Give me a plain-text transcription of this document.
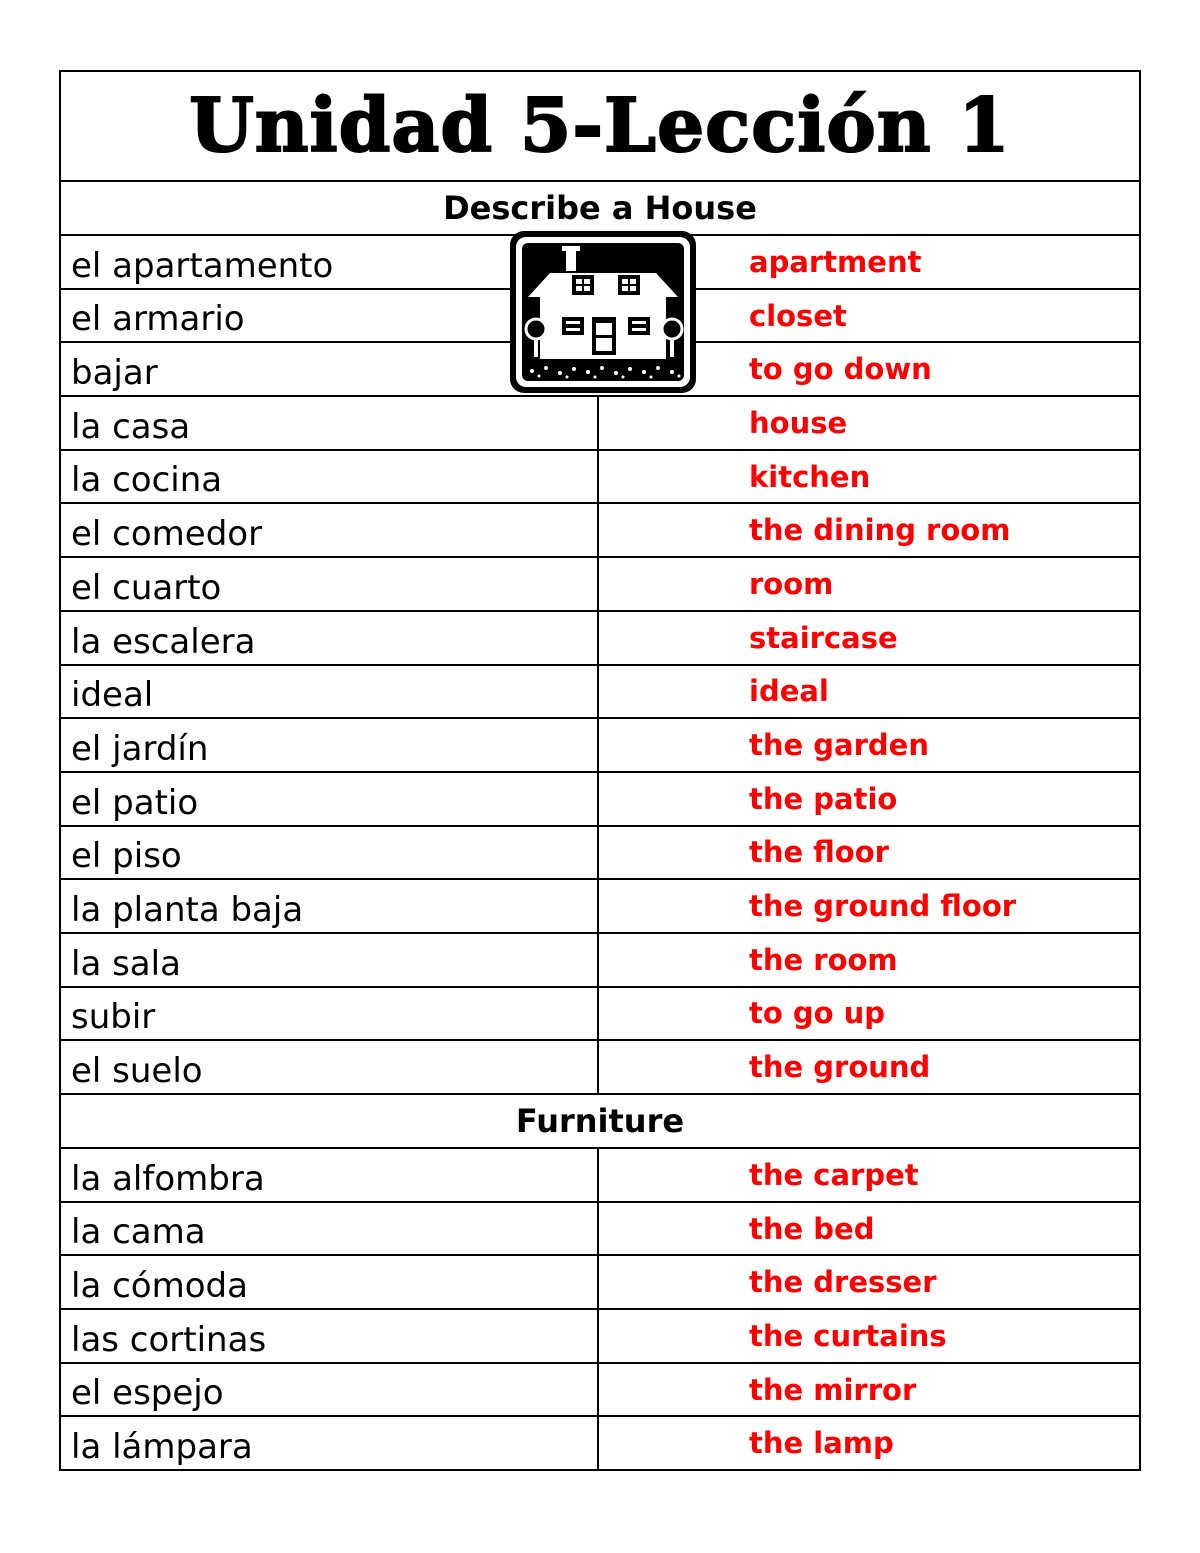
Unidad 5-Lección 1
Describe a House
el apartamento	apartment
el armario	closet
bajar	to go down
la casa	house
la cocina	kitchen
el comedor	the dining room
el cuarto	room
la escalera	staircase
ideal	ideal
el jardín	the garden
el patio	the patio
el piso	the floor
la planta baja	the ground floor
la sala	the room
subir	to go up
el suelo	the ground
Furniture
la alfombra	the carpet
la cama	the bed
la cómoda	the dresser
las cortinas	the curtains
el espejo	the mirror
la lámpara	the lamp
